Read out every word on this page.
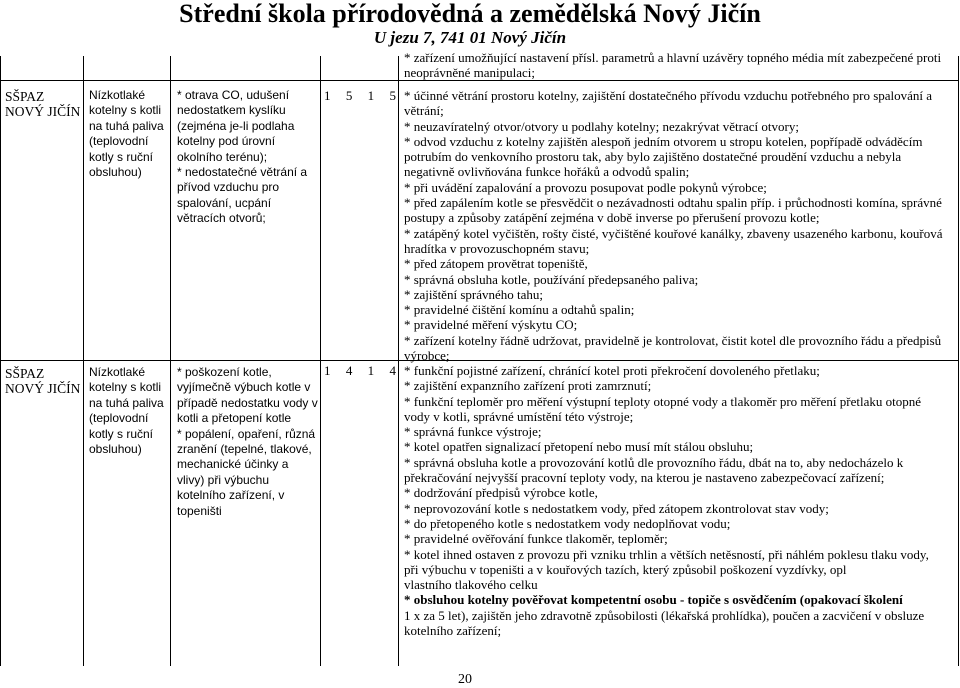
Střední škola přírodovědná a zemědělská Nový Jičín
U jezu 7, 741 01 Nový Jičín
* zařízení umožňující nastavení přísl. parametrů a hlavní uzávěry topného média mít zabezpečené proti
neoprávněné manipulaci;
SŠPAZ
NOVÝ JIČÍN
Nízkotlaké
kotelny s kotli
na tuhá paliva
(teplovodní
kotly s ruční
obsluhou)
* otrava CO, udušení
nedostatkem kyslíku
(zejména je-li podlaha
kotelny pod úrovní
okolního terénu);
* nedostatečné větrání a
přívod vzduchu pro
spalování, ucpání
větracích otvorů;
1 5 1 5 * účinné větrání prostoru kotelny, zajištění dostatečného přívodu vzduchu potřebného pro spalování a
větrání;
* neuzavíratelný otvor/otvory u podlahy kotelny; nezakrývat větrací otvory;
* odvod vzduchu z kotelny zajištěn alespoň jedním otvorem u stropu kotelen, popřípadě odváděcím
potrubím do venkovního prostoru tak, aby bylo zajištěno dostatečné proudění vzduchu a nebyla
negativně ovlivňována funkce hořáků a odvodů spalin;
* při uvádění zapalování a provozu posupovat podle pokynů výrobce;
* před zapálením kotle se přesvědčit o nezávadnosti odtahu spalin příp. i průchodnosti komína, správné
postupy a způsoby zatápění zejména v době inverse po přerušení provozu kotle;
* zatápěný kotel vyčištěn, rošty čisté, vyčištěné kouřové kanálky, zbaveny usazeného karbonu, kouřová
hradítka v provozuschopném stavu;
* před zátopem provětrat topeniště,
* správná obsluha kotle, používání předepsaného paliva;
* zajištění správného tahu;
* pravidelné čištění komínu a odtahů spalin;
* pravidelné měření výskytu CO;
* zařízení kotelny řádně udržovat, pravidelně je kontrolovat, čistit kotel dle provozního řádu a předpisů
výrobce;
SŠPAZ
NOVÝ JIČÍN
Nízkotlaké
kotelny s kotli
na tuhá paliva
(teplovodní
kotly s ruční
obsluhou)
* poškození kotle,
vyjímečně výbuch kotle v
případě nedostatku vody v
kotli a přetopení kotle
* popálení, opaření, různá
zranění (tepelné, tlakové,
mechanické účinky a
vlivy) při výbuchu
kotelního zařízení, v
topeništi
1 4 1 4 * funkční pojistné zařízení, chránící kotel proti překročení dovoleného přetlaku;
* zajištění expanzního zařízení proti zamrznutí;
* funkční teploměr pro měření výstupní teploty otopné vody a tlakoměr pro měření přetlaku otopné
vody v kotli, správné umístění této výstroje;
* správná funkce výstroje;
* kotel opatřen signalizací přetopení nebo musí mít stálou obsluhu;
* správná obsluha kotle a provozování kotlů dle provozního řádu, dbát na to, aby nedocházelo k
překračování nejvyšší pracovní teploty vody, na kterou je nastaveno zabezpečovací zařízení;
* dodržování předpisů výrobce kotle,
* neprovozování kotle s nedostatkem vody, před zátopem zkontrolovat stav vody;
* do přetopeného kotle s nedostatkem vody nedoplňovat vodu;
* pravidelné ověřování funkce tlakoměr, teploměr;
* kotel ihned ostaven z provozu při vzniku trhlin a větších netěsností, při náhlém poklesu tlaku vody,
při výbuchu v topeništi a v kouřových tazích, který způsobil poškození vyzdívky, opl
vlastního tlakového celku
* obsluhou kotelny pověřovat kompetentní osobu - topiče s osvědčením (opakovací školení
1 x za 5 let), zajištěn jeho zdravotně způsobilosti (lékařská prohlídka), poučen a zacvičení v obsluze
kotelního zařízení;
20
